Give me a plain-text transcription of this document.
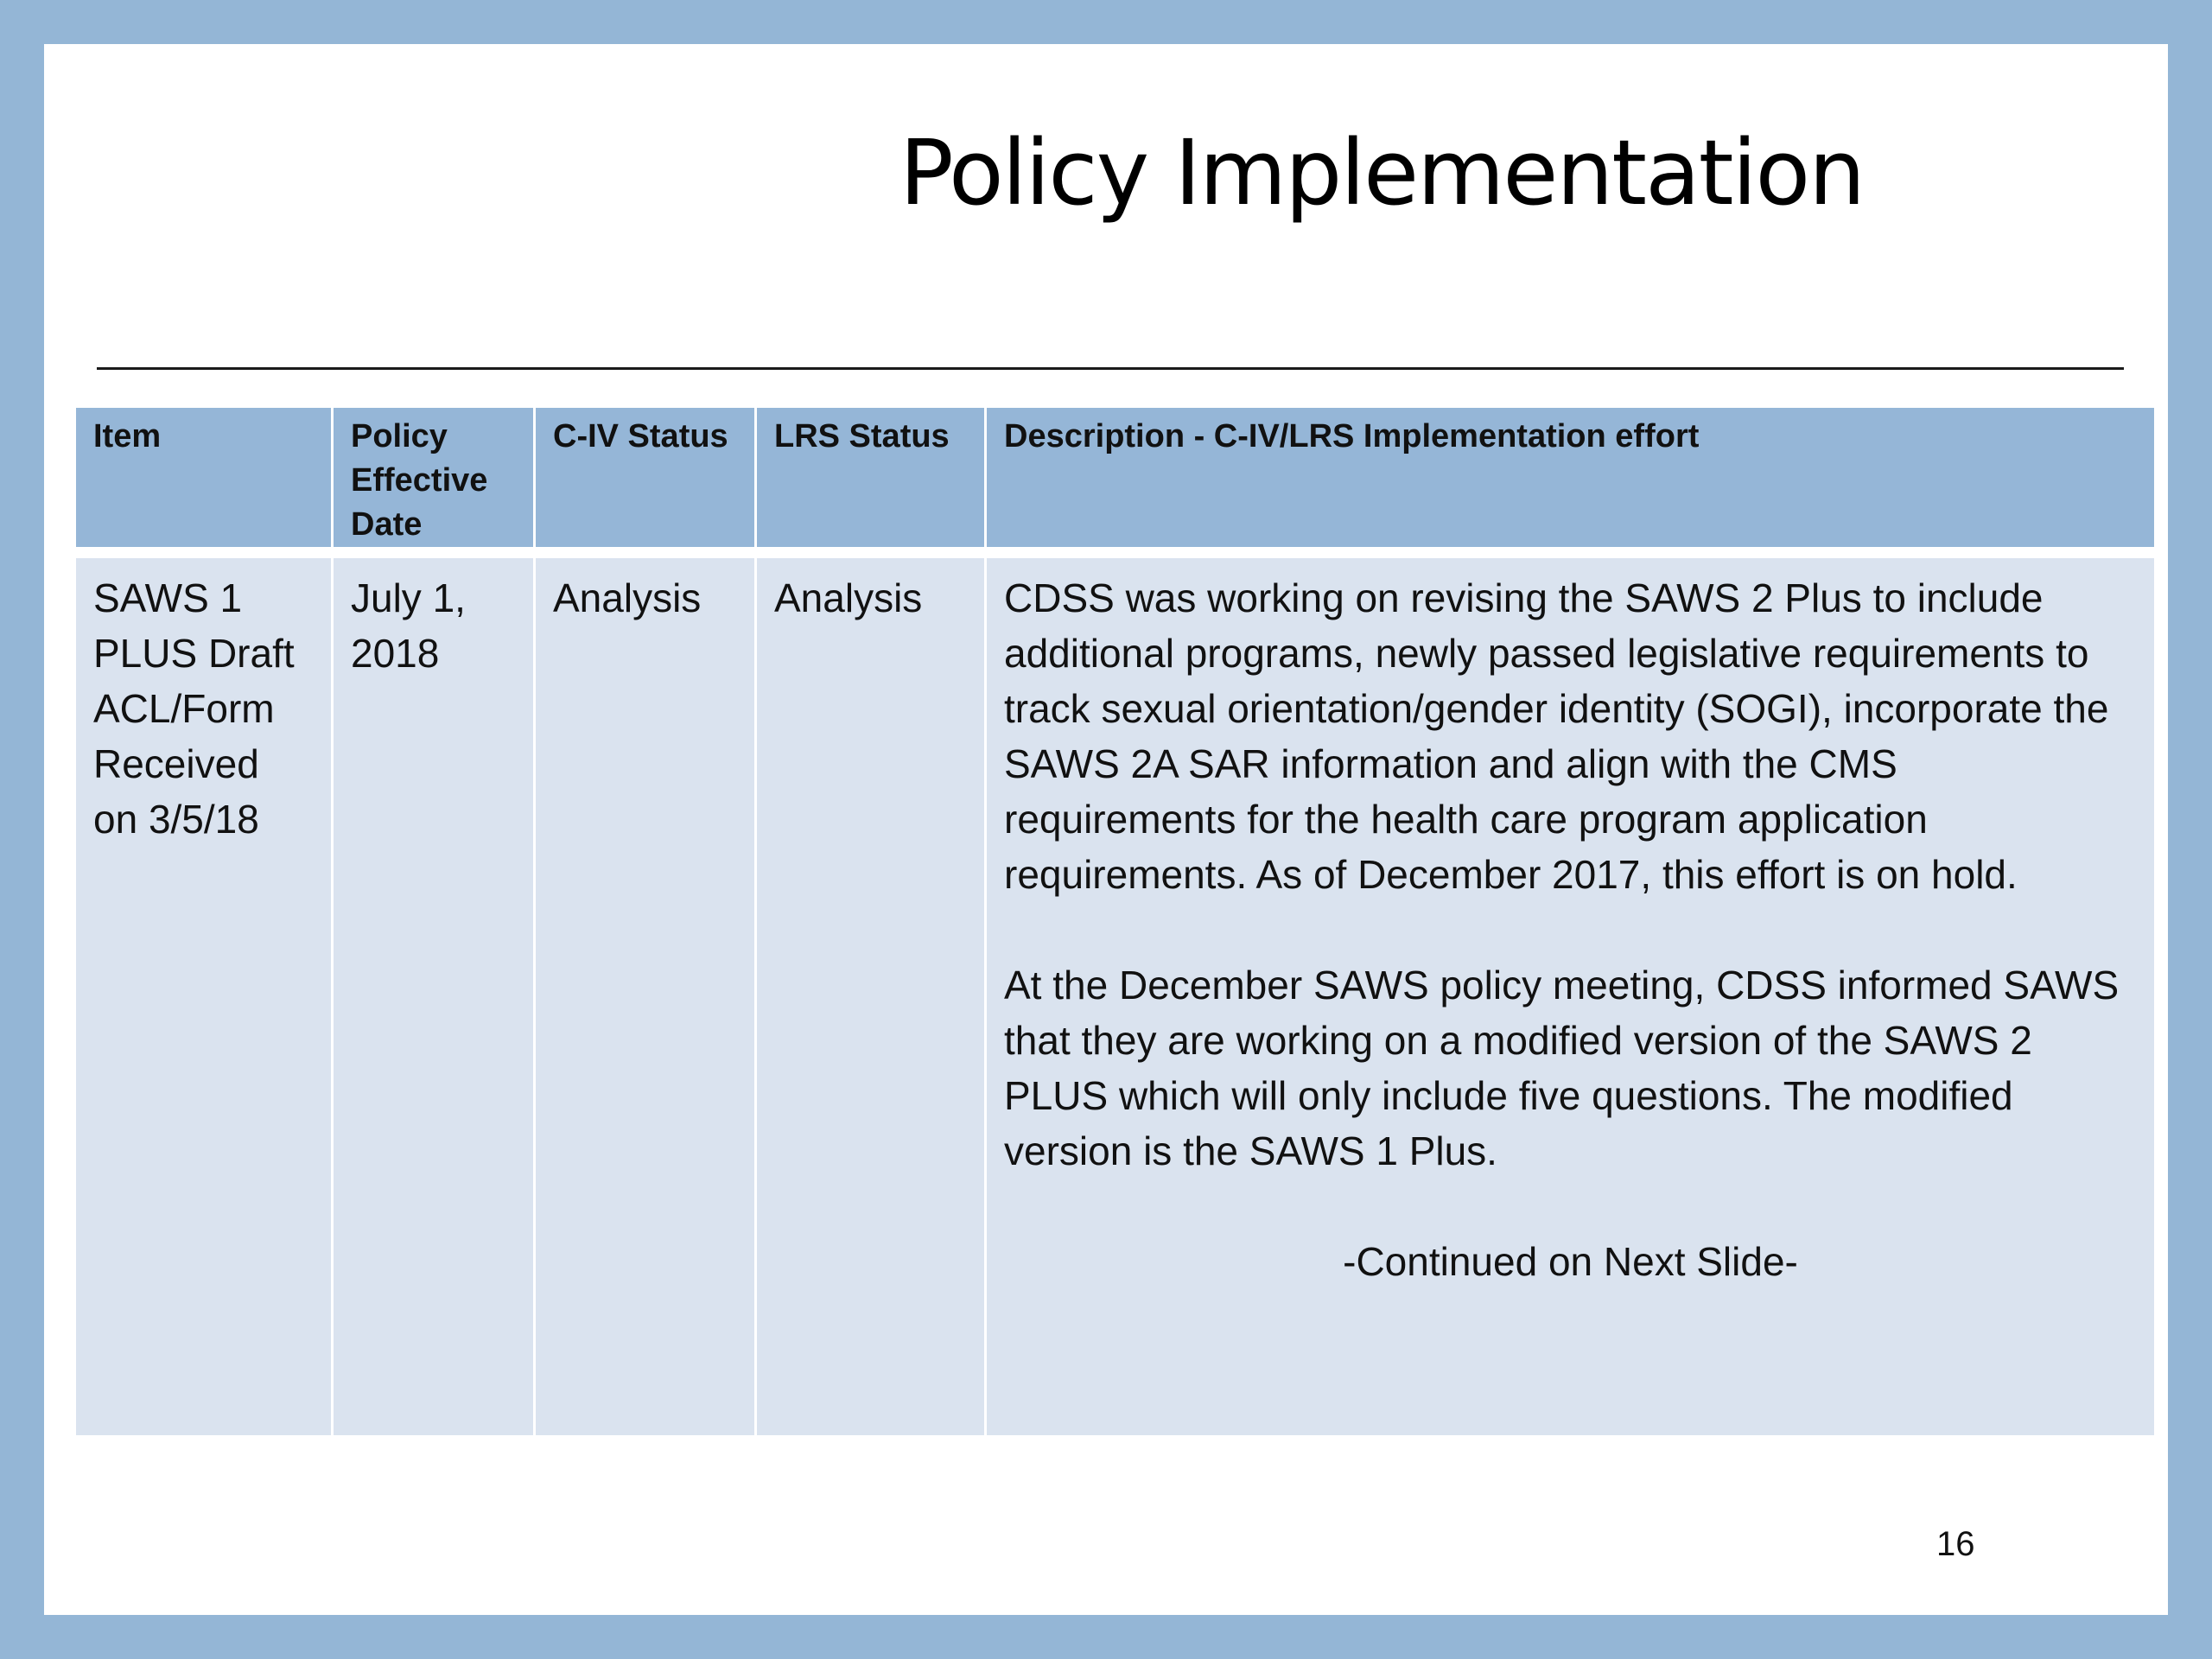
Policy Implementation
Item	Policy Effective Date	C-IV Status	LRS Status	Description - C-IV/LRS Implementation effort

SAWS 1 PLUS Draft ACL/Form Received on 3/5/18	July 1, 2018	Analysis	Analysis	CDSS was working on revising the SAWS 2 Plus to include additional programs, newly passed legislative requirements to track sexual orientation/gender identity (SOGI), incorporate the SAWS 2A SAR information and align with the CMS requirements for the health care program application requirements. As of December 2017, this effort is on hold.

At the December SAWS policy meeting, CDSS informed SAWS that they are working on a modified version of the SAWS 2 PLUS which will only include five questions. The modified version is the SAWS 1 Plus.

-Continued on Next Slide-
16
